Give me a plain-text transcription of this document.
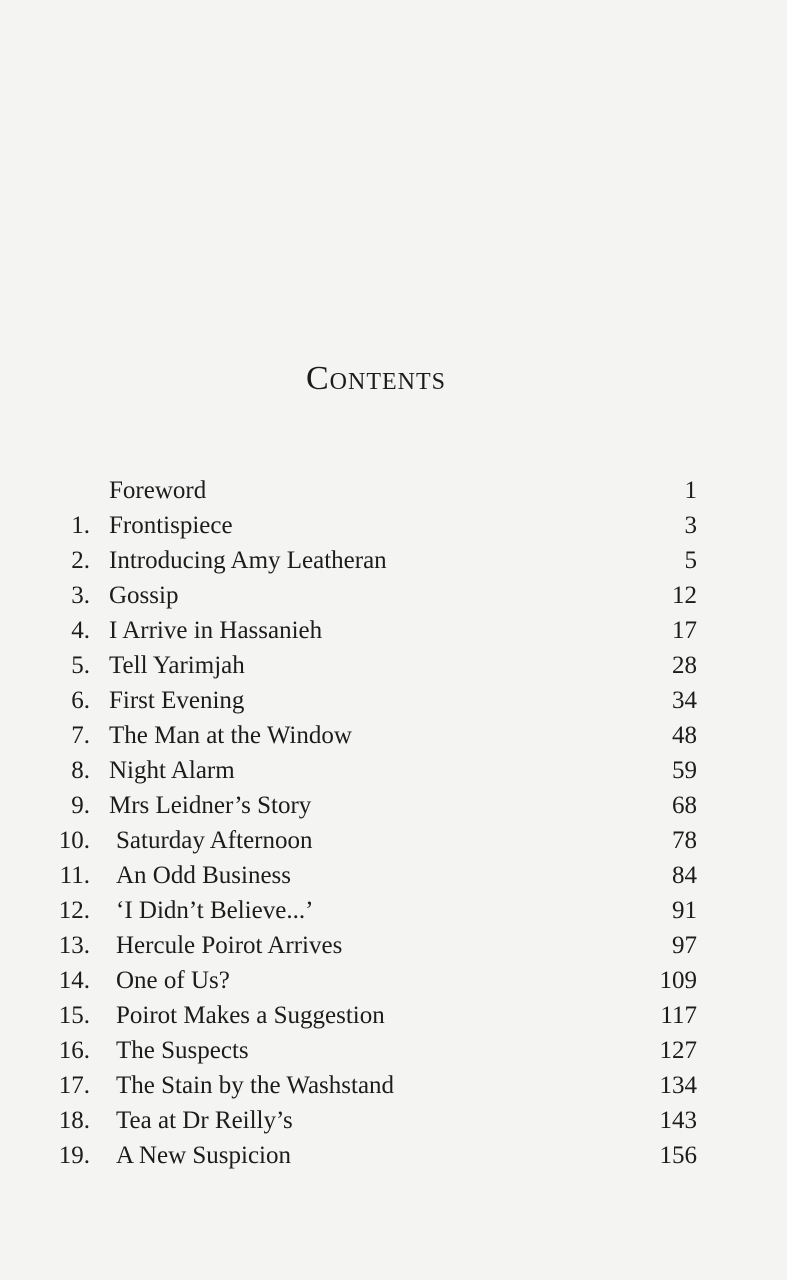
Contents
Foreword	1
1. Frontispiece	3
2. Introducing Amy Leatheran	5
3. Gossip	12
4. I Arrive in Hassanieh	17
5. Tell Yarimjah	28
6. First Evening	34
7. The Man at the Window	48
8. Night Alarm	59
9. Mrs Leidner’s Story	68
10. Saturday Afternoon	78
11. An Odd Business	84
12. ‘I Didn’t Believe...’	91
13. Hercule Poirot Arrives	97
14. One of Us?	109
15. Poirot Makes a Suggestion	117
16. The Suspects	127
17. The Stain by the Washstand	134
18. Tea at Dr Reilly’s	143
19. A New Suspicion	156
